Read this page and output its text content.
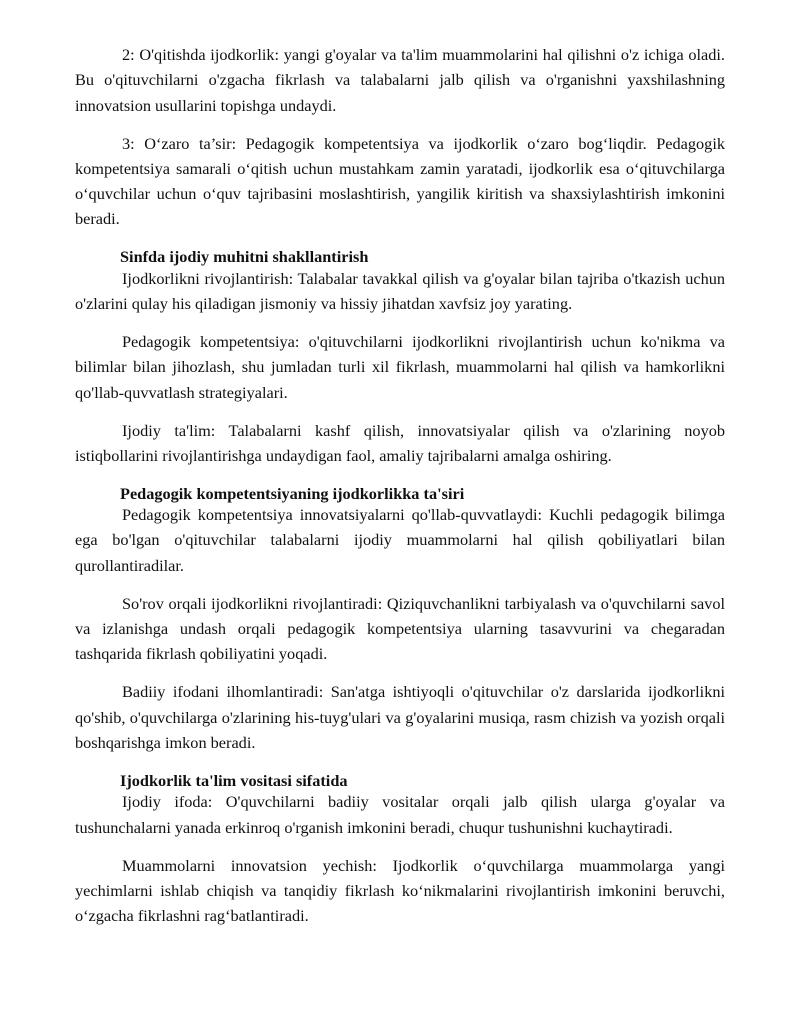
2: O'qitishda ijodkorlik: yangi g'oyalar va ta'lim muammolarini hal qilishni o'z ichiga oladi. Bu o'qituvchilarni o'zgacha fikrlash va talabalarni jalb qilish va o'rganishni yaxshilashning innovatsion usullarini topishga undaydi.

3: O‘zaro ta’sir: Pedagogik kompetentsiya va ijodkorlik o‘zaro bog‘liqdir. Pedagogik kompetentsiya samarali o‘qitish uchun mustahkam zamin yaratadi, ijodkorlik esa o‘qituvchilarga o‘quvchilar uchun o‘quv tajribasini moslashtirish, yangilik kiritish va shaxsiylashtirish imkonini beradi.

Sinfda ijodiy muhitni shakllantirish

Ijodkorlikni rivojlantirish: Talabalar tavakkal qilish va g'oyalar bilan tajriba o'tkazish uchun o'zlarini qulay his qiladigan jismoniy va hissiy jihatdan xavfsiz joy yarating.

Pedagogik kompetentsiya: o'qituvchilarni ijodkorlikni rivojlantirish uchun ko'nikma va bilimlar bilan jihozlash, shu jumladan turli xil fikrlash, muammolarni hal qilish va hamkorlikni qo'llab-quvvatlash strategiyalari.

Ijodiy ta'lim: Talabalarni kashf qilish, innovatsiyalar qilish va o'zlarining noyob istiqbollarini rivojlantirishga undaydigan faol, amaliy tajribalarni amalga oshiring.

Pedagogik kompetentsiyaning ijodkorlikka ta'siri

Pedagogik kompetentsiya innovatsiyalarni qo'llab-quvvatlaydi: Kuchli pedagogik bilimga ega bo'lgan o'qituvchilar talabalarni ijodiy muammolarni hal qilish qobiliyatlari bilan qurollantiradilar.

So'rov orqali ijodkorlikni rivojlantiradi: Qiziquvchanlikni tarbiyalash va o'quvchilarni savol va izlanishga undash orqali pedagogik kompetentsiya ularning tasavvurini va chegaradan tashqarida fikrlash qobiliyatini yoqadi.

Badiiy ifodani ilhomlantiradi: San'atga ishtiyoqli o'qituvchilar o'z darslarida ijodkorlikni qo'shib, o'quvchilarga o'zlarining his-tuyg'ulari va g'oyalarini musiqa, rasm chizish va yozish orqali boshqarishga imkon beradi.

Ijodkorlik ta'lim vositasi sifatida

Ijodiy ifoda: O'quvchilarni badiiy vositalar orqali jalb qilish ularga g'oyalar va tushunchalarni yanada erkinroq o'rganish imkonini beradi, chuqur tushunishni kuchaytiradi.

Muammolarni innovatsion yechish: Ijodkorlik o‘quvchilarga muammolarga yangi yechimlarni ishlab chiqish va tanqidiy fikrlash ko‘nikmalarini rivojlantirish imkonini beruvchi, o‘zgacha fikrlashni rag‘batlantiradi.
